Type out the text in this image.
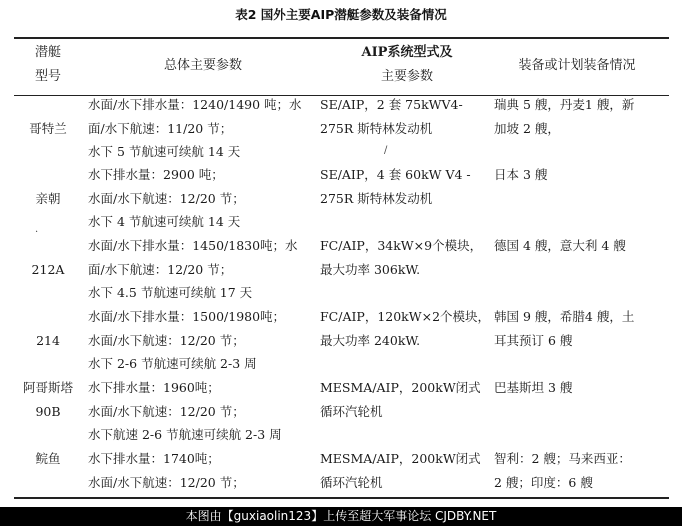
表2 国外主要AIP潜艇参数及装备情况
潜艇
型号
总体主要参数
AIP系统型式及
主要参数
装备或计划装备情况
哥特兰
水面/水下排水量：1240/1490 吨；水
面/水下航速：11/20 节；
水下 5 节航速可续航 14 天
SE/AIP，2 套 75kWV4-
275R 斯特林发动机
瑞典 5 艘，丹麦1 艘，新
加坡 2 艘，
/
亲朝
水下排水量：2900 吨；
水面/水下航速：12/20 节；
水下 4 节航速可续航 14 天
SE/AIP，4 套 60kW V4 -
275R 斯特林发动机
日本 3 艘
.
212A
水面/水下排水量：1450/1830吨；水
面/水下航速：12/20 节；
水下 4.5 节航速可续航 17 天
FC/AIP，34kW×9个模块，
最大功率 306kW.
德国 4 艘，意大利 4 艘
214
水面/水下排水量：1500/1980吨；
水面/水下航速：12/20 节；
水下 2-6 节航速可续航 2-3 周
FC/AIP，120kW×2个模块，
最大功率 240kW.
韩国 9 艘，希腊4 艘，土
耳其预订 6 艘
阿哥斯塔
90B
水下排水量：1960吨；
水面/水下航速：12/20 节；
水下航速 2-6 节航速可续航 2-3 周
MESMA/AIP，200kW闭式
循环汽轮机
巴基斯坦 3 艘
鲩鱼	水下排水量：1740吨；
水面/水下航速：12/20 节；
MESMA/AIP，200kW闭式
循环汽轮机
智利：2 艘；马来西亚：
2 艘；印度：6 艘
本图由【guxiaolin123】上传至超大军事论坛 CJDBY.NET
